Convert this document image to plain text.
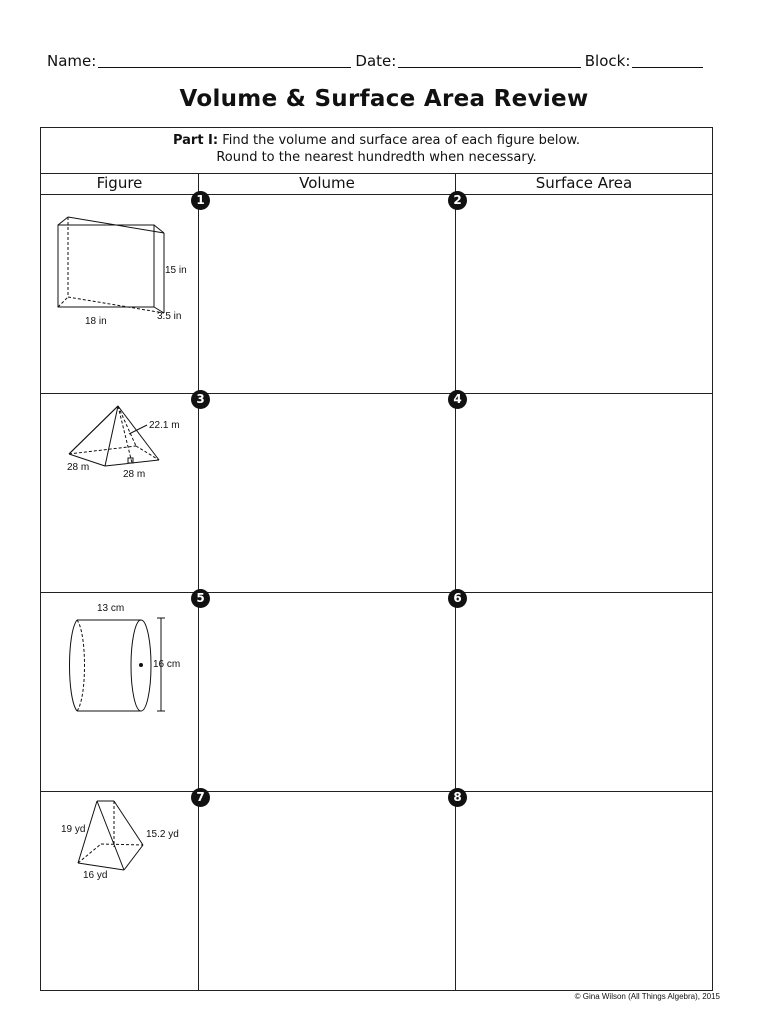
Name:	Date:	Block:
Volume & Surface Area Review
Part I: Find the volume and surface area of each figure below.
Round to the nearest hundredth when necessary.		
Figure	Volume	Surface Area

15 in
18 in 3.5 in	1	2

22.1 m
28 m
28 m	3	4

13 cm
16 cm	5	6

19 yd 15.2 yd
16 yd	7	8
© Gina Wilson (All Things Algebra), 2015
